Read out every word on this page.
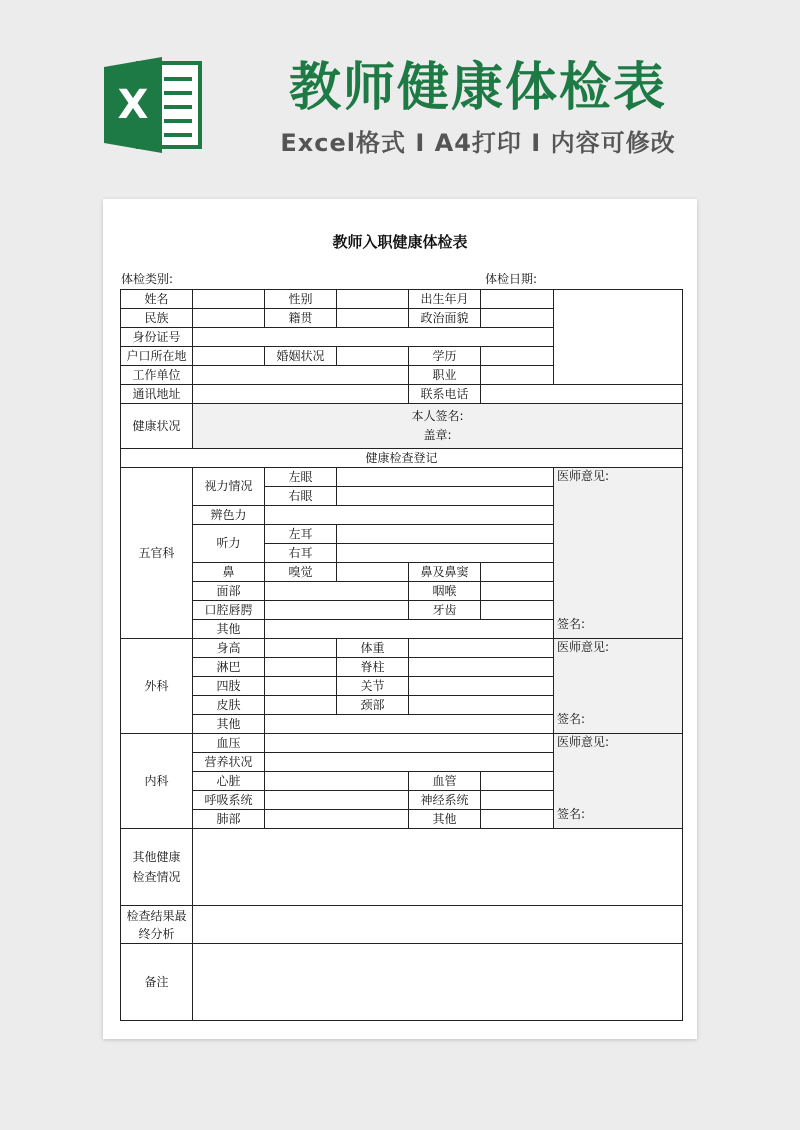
X	教师健康体检表
Excel格式 I A4打印 I 内容可修改
教师入职健康体检表
体检类别:	体检日期:
姓名		性别		出生年月		
民族		籍贯		政治面貌		
身份证号						
户口所在地		婚姻状况		学历		
工作单位				职业		
通讯地址				联系电话		
健康状况	本人签名:
盖章:					

健康检查登记						
五官科	视力情况	左眼				医师意见:
签名:

		右眼				
	辨色力					
	听力	左耳				
		右耳				
	鼻	嗅觉		鼻及鼻窦		
	面部			咽喉		
	口腔唇腭			牙齿		
	其他					
外科	身高		体重			医师意见:
签名:

	淋巴		脊柱			
	四肢		关节			
	皮肤		颈部			
	其他					
内科	血压					医师意见:
签名:

	营养状况					
	心脏			血管		
	呼吸系统			神经系统		
	肺部			其他		
其他健康检查情况						
检查结果最终分析						
备注						
